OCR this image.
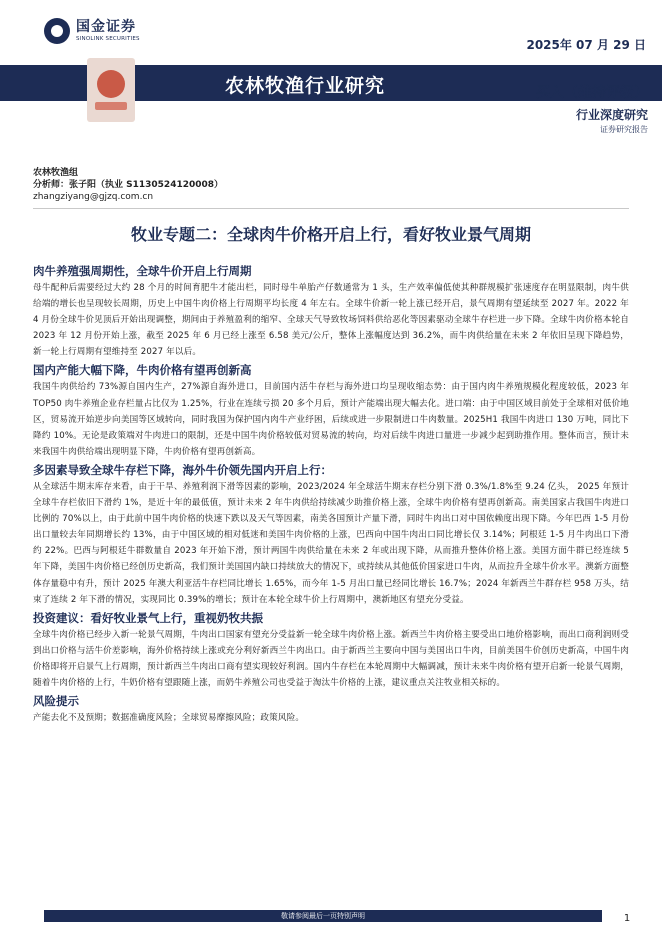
国金证券
SINOLINK SECURITIES	2025年 07 月 29 日
农林牧渔行业研究	买入（维持评级）
行业深度研究
证券研究报告
农林牧渔组
分析师：张子阳（执业 S1130524120008）
zhangziyang@gjzq.com.cn
牧业专题二：全球肉牛价格开启上行，看好牧业景气周期
肉牛养殖强周期性，全球牛价开启上行周期

母牛配种后需要经过大约 28 个月的时间育肥牛才能出栏，同时母牛单胎产仔数通常为 1 头，生产效率偏低使其种群规模扩张速度存在明显限制，肉牛供给端的增长也呈现较长周期，历史上中国牛肉价格上行周期平均长度 4 年左右。全球牛价新一轮上涨已经开启，景气周期有望延续至 2027 年。2022 年 4 月份全球牛价见顶后开始出现调整，期间由于养殖盈利的缩窄、全球天气导致牧场饲料供给恶化等因素驱动全球牛存栏进一步下降。全球牛肉价格本轮自 2023 年 12 月份开始上涨，截至 2025 年 6 月已经上涨至 6.58 美元/公斤，整体上涨幅度达到 36.2%，而牛肉供给量在未来 2 年依旧呈现下降趋势，新一轮上行周期有望维持至 2027 年以后。

国内产能大幅下降，牛肉价格有望再创新高

我国牛肉供给约 73%源自国内生产，27%源自海外进口，目前国内活牛存栏与海外进口均呈现收缩态势：由于国内肉牛养殖规模化程度较低，2023 年 TOP50 肉牛养殖企业存栏量占比仅为 1.25%，行业在连续亏损 20 多个月后，预计产能端出现大幅去化。进口端：由于中国区域目前处于全球相对低价地区，贸易流开始逆步向美国等区域转向，同时我国为保护国内肉牛产业纾困，后续或进一步限制进口牛肉数量。2025H1 我国牛肉进口 130 万吨，同比下降约 10%。无论是政策端对牛肉进口的限制，还是中国牛肉价格较低对贸易流的转向，均对后续牛肉进口量进一步减少起到助推作用。整体而言，预计未来我国牛肉供给端出现明显下降，牛肉价格有望再创新高。

多因素导致全球牛存栏下降，海外牛价领先国内开启上行：

从全球活牛期末库存来看，由于干旱、养殖利润下滑等因素的影响，2023/2024 年全球活牛期末存栏分别下滑 0.3%/1.8%至 9.24 亿头， 2025 年预计全球牛存栏依旧下滑约 1%，是近十年的最低值，预计未来 2 年牛肉供给持续减少助推价格上涨，全球牛肉价格有望再创新高。南美国家占我国牛肉进口比例的 70%以上，由于此前中国牛肉价格的快速下跌以及天气等因素，南美各国预计产量下滑，同时牛肉出口对中国依赖度出现下降。今年巴西 1-5 月份出口量较去年同期增长约 13%，由于中国区域的相对低迷和美国牛肉价格的上涨，巴西向中国牛肉出口同比增长仅 3.14%；阿根廷 1-5 月牛肉出口下滑约 22%。巴西与阿根廷牛群数量自 2023 年开始下滑，预计两国牛肉供给量在未来 2 年或出现下降，从而推升整体价格上涨。美国方面牛群已经连续 5 年下降，美国牛肉价格已经创历史新高，我们预计美国国内缺口持续放大的情况下，或持续从其他低价国家进口牛肉，从而拉升全球牛价水平。澳新方面整体存量稳中有升，预计 2025 年澳大利亚活牛存栏同比增长 1.65%，而今年 1-5 月出口量已经同比增长 16.7%；2024 年新西兰牛群存栏 958 万头，结束了连续 2 年下滑的情况，实现同比 0.39%的增长；预计在本轮全球牛价上行周期中，澳新地区有望充分受益。

投资建议：看好牧业景气上行，重视奶牧共振

全球牛肉价格已经步入新一轮景气周期，牛肉出口国家有望充分受益新一轮全球牛肉价格上涨。新西兰牛肉价格主要受出口地价格影响，而出口商利润则受到出口价格与活牛价差影响，海外价格持续上涨或充分利好新西兰牛肉出口。由于新西兰主要向中国与美国出口牛肉，目前美国牛价创历史新高，中国牛肉价格即将开启景气上行周期，预计新西兰牛肉出口商有望实现较好利润。国内牛存栏在本轮周期中大幅调减，预计未来牛肉价格有望开启新一轮景气周期，随着牛肉价格的上行，牛奶价格有望跟随上涨，而奶牛养殖公司也受益于淘汰牛价格的上涨，建议重点关注牧业相关标的。

风险提示

产能去化不及预期；数据准确度风险；全球贸易摩擦风险；政策风险。

敬请参阅最后一页特别声明	1
